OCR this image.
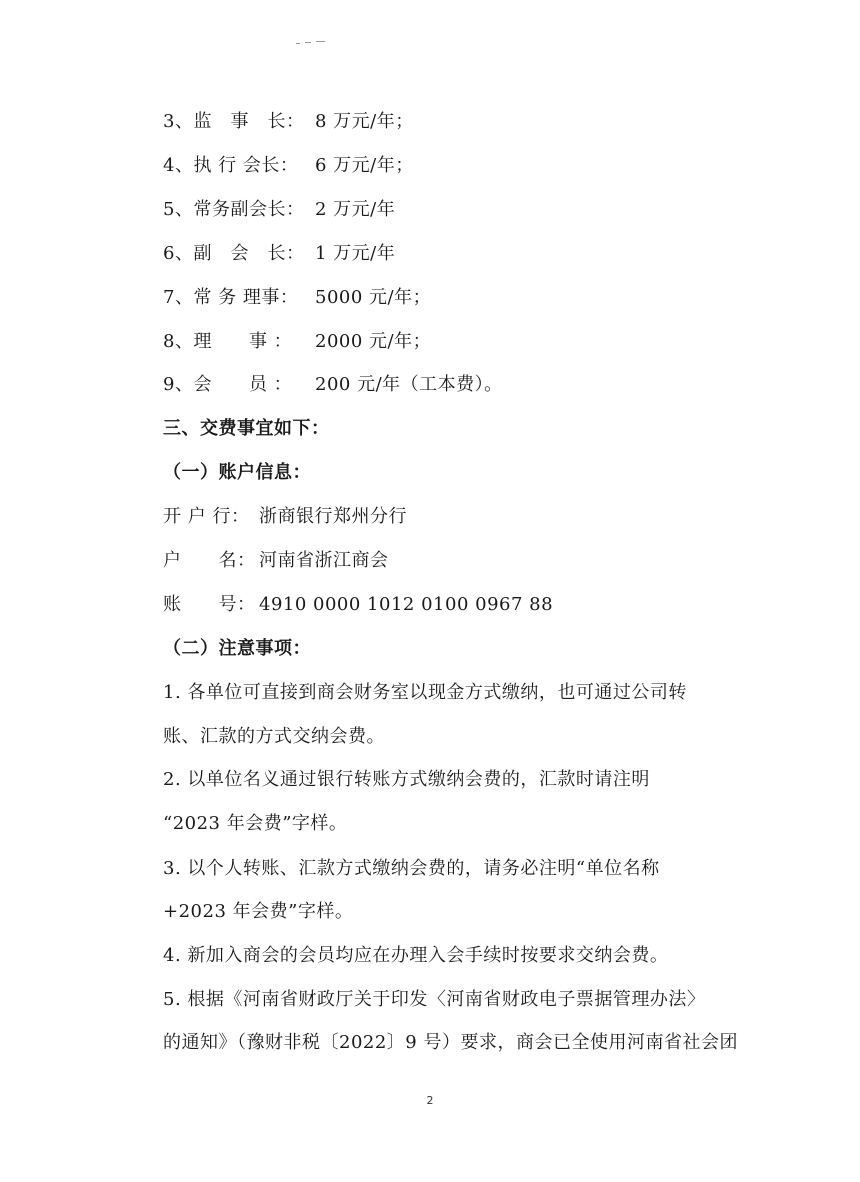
3、监　事　长： 8 万元/年；
4、执 行 会长： 6 万元/年；
5、常务副会长： 2 万元/年
6、副　会　长： 1 万元/年
7、常 务 理事： 5000 元/年；
8、理　　事 ： 2000 元/年；
9、会　　员 ： 200 元/年（工本费）。
三、交费事宜如下：
（一）账户信息：
开 户 行： 浙商银行郑州分行
户　　名： 河南省浙江商会
账　　号： 4910 0000 1012 0100 0967 88
（二）注意事项：
1. 各单位可直接到商会财务室以现金方式缴纳，也可通过公司转
账、汇款的方式交纳会费。
2. 以单位名义通过银行转账方式缴纳会费的，汇款时请注明
“2023 年会费”字样。
3. 以个人转账、汇款方式缴纳会费的，请务必注明“单位名称
+2023 年会费”字样。
4. 新加入商会的会员均应在办理入会手续时按要求交纳会费。
5. 根据《河南省财政厅关于印发〈河南省财政电子票据管理办法〉
的通知》（豫财非税〔2022〕9 号）要求，商会已全使用河南省社会团
2
